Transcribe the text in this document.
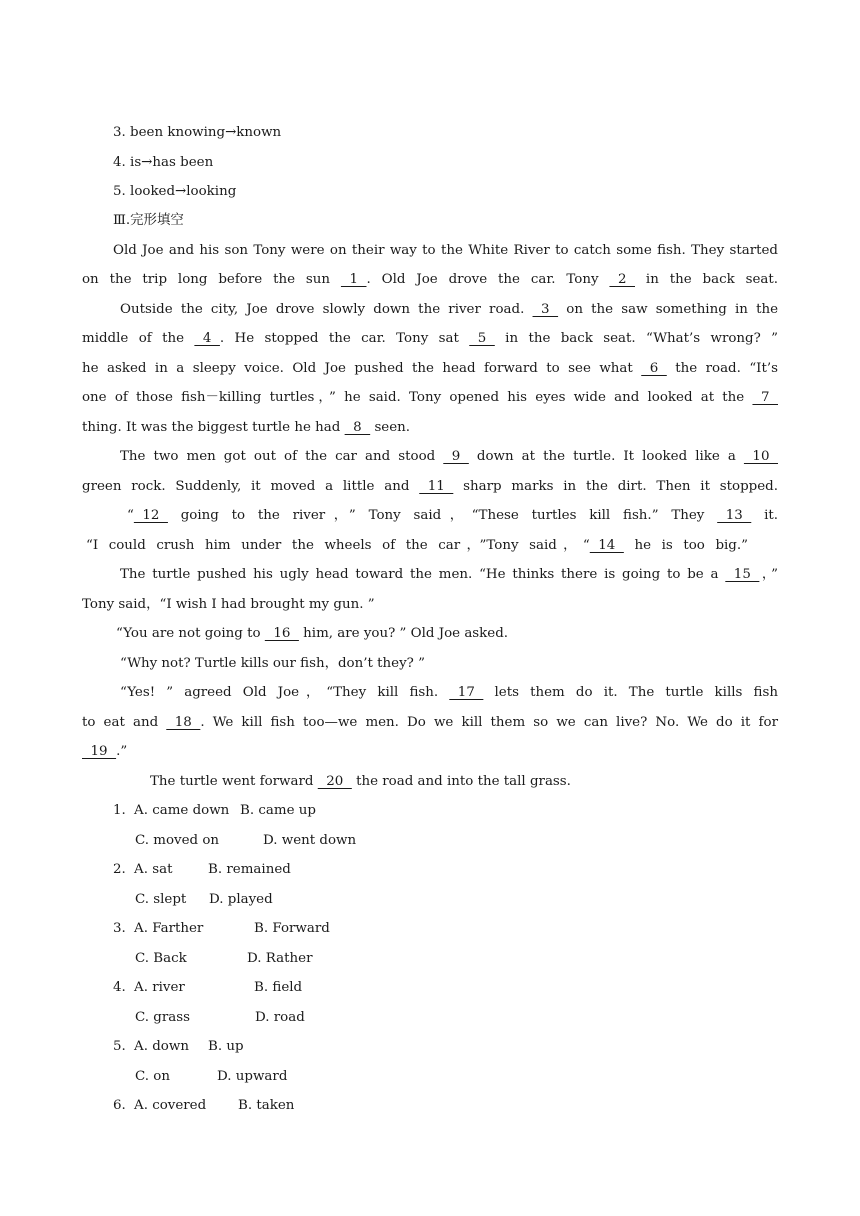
3. been knowing→known
4. is→has been
5. looked→looking
Ⅲ.完形填空
Old Joe and his son Tony were on their way to the White River to catch some fish. They started
on the trip long before the sun   1  . Old Joe drove the car. Tony   2   in the back seat.
Outside the city, Joe drove slowly down the river road.   3   on the saw something in the
middle of the   4  . He stopped the car. Tony sat   5   in the back seat. “What’s wrong? ”
he asked in a sleepy voice. Old Joe pushed the head forward to see what   6   the road. “It’s
one of those fish－killing turtles，” he said. Tony opened his eyes wide and looked at the   7
thing. It was the biggest turtle he had   8   seen.
The two men got out of the car and stood   9   down at the turtle. It looked like a   10
green rock. Suddenly, it moved a little and   11   sharp marks in the dirt. Then it stopped.
“  12   going to the river，” Tony said，“These turtles kill fish.” They   13   it.
“I could crush him under the wheels of the car，”Tony said，“  14   he is too big.”
The turtle pushed his ugly head toward the men. “He thinks there is going to be a   15  ，”
Tony said，“I wish I had brought my gun. ”
“You are not going to   16   him, are you? ” Old Joe asked.
“Why not? Turtle kills our fish，don’t they? ”
“Yes! ” agreed Old Joe，“They kill fish.   17   lets them do it. The turtle kills fish
to eat and   18  . We kill fish too—we men. Do we kill them so we can live? No. We do it for
19  .”
The turtle went forward   20   the road and into the tall grass.
1. A. came down B. came up
C. moved on	D. went down
2. A. sat	B. remained
C. slept D. played
3. A. Farther	B. Forward
C. Back	D. Rather
4. A. river	B. field
C. grass	D. road
5. A. down B. up
C. on	D. upward
6. A. covered B. taken
